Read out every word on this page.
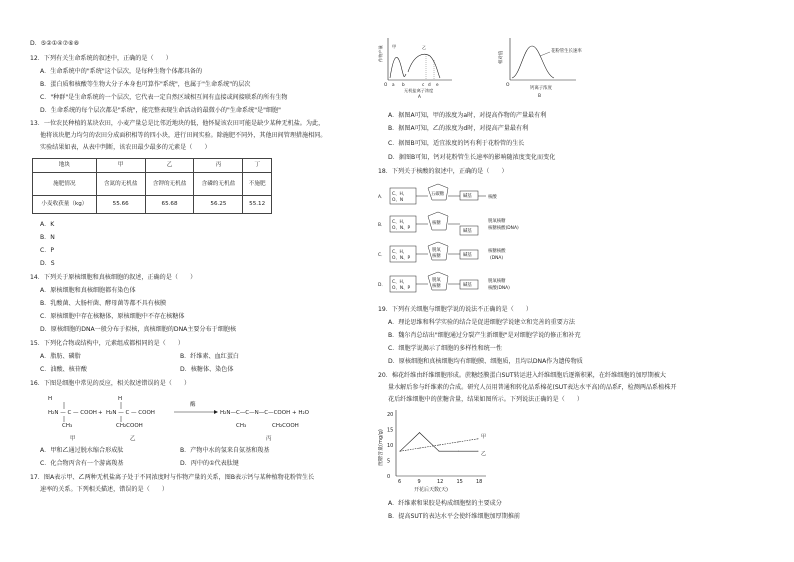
D．⑤②①④⑦⑥⑧
12．下列有关生命系统的叙述中，正确的是（　　）
A．生命系统中的"系统"这个层次，是每种生物个体都具备的
B．蛋白质和核酸等生物大分子本身也可算作"系统"，也属于"生命系统"的层次
C．"种群"是生命系统的一个层次，它代表一定自然区域相互间有直接或间接联系的所有生物
D．生命系统的每个层次都是"系统"，能完整表现生命活动的最微小的"生命系统"是"细胞"
13．一位农民种植的某块农田，小麦产量总是比邻近地块的低，他怀疑该农田可能是缺少某种无机盐。为此，
他将该块肥力均匀的农田分成面积相等的四小块，进行田间实验。除施肥不同外，其他田间管理措施相同。
实验结果如表，从表中判断，该农田最少最多的元素是（　　）
地块	甲	乙	丙	丁
施肥情况	含氮的无机盐	含钾的无机盐	含磷的无机盐	不施肥
小麦收获量（kg）	55.66	65.68	56.25	55.12
A．K
B．N
C．P
D．S
14．下列关于原核细胞和真核细胞的叙述，正确的是（　　）
A．原核细胞和真核细胞都有染色体
B．乳酸菌、大肠杆菌、酵母菌等都不具有核膜
C．原核细胞中存在核糖体，原核细胞中不存在核糖体
D．原核细胞的DNA一般分布于拟核，真核细胞的DNA主要分布于细胞核
15．下列化合物或结构中，元素组成都相同的是（　　）
A．脂肪、磷脂	B．纤维素、血红蛋白
C．油酸、核苷酸	D．核糖体、染色体
16．下图是细胞中常见的反应，相关叙述错误的是（　　）
H
H₂N — C — COOH
CH₃
+
H
H₂N — C — COOH
CH₂COOH
酶
H₂N—C—C—N—C—COOH + H₂O
CH₃	CH₂COOH
甲	乙	丙
A．甲和乙通过脱水缩合形成肽	B．产物中水的氢来自氨基和羧基
C．化合物丙含有一个游离羧基	D．丙中的①代表肽键
17．图A表示甲、乙两种无机盐离子处于不同浓度时与作物产量的关系，图B表示钙与某种植物花粉管生长
速率的关系。下列相关描述，错误的是（　　）
作物产量 甲	乙
O a b	c d e
无机盐离子浓度
A
相对值	花粉管生长速率
O
钙离子浓度
B
A．据图A可知，甲的浓度为a时，对提高作物的产量最有利
B．据图A可知，乙的浓度为d时，对提高产量最有利
C．据图B可知，适宜浓度的钙有利于花粉管的生长
D．据图B可知，钙对花粉管生长速率的影响随浓度变化而变化
18．下列关于核酸的叙述中，正确的是（　　）
A．
C、H、
O、N
五碳糖	碱基	核酸
B．
C、H、
O、N、P
核糖
碱基
脱氧核糖
核糖核酸(DNA)
C．
C、H、
O、N、P
脱氧
核糖	碱基
核糖核酸
(DNA)
D．
C、H、
O、N、P
脱氧
核糖	碱基
脱氧核糖
核酸(DNA)
19．下列有关细胞与细胞学说的说法不正确的是（　　）
A．理论思维和科学实验的结合是促进细胞学说建立和完善的重要方法
B．魏尔肖总结出"细胞通过分裂产生新细胞"是对细胞学说的修正和补充
C．细胞学说揭示了细胞的多样性和统一性
D．原核细胞和真核细胞均有细胞膜、细胞质，且均以DNA作为遗传物质
20．棉花纤维由纤维细胞形成。蔗糖经膜蛋白SUT转运进入纤维细胞后逐渐积累，在纤维细胞的加厚期被大
量水解后参与纤维素的合成。研究人员用普通和转化品系棉花(SUT表达水平高)的品系F，检测两品系植株开
花后纤维细胞中的蔗糖含量，结果如图所示。下列说法正确的是（　　）
0
5
10
15
20
6	9	12	15	18
开花后天数(天)
蔗糖含量(mg/g)	甲
乙
A．纤维素和果胶是构成细胞壁的主要成分
B．提高SUT的表达水平会使纤维细胞加厚期推前
